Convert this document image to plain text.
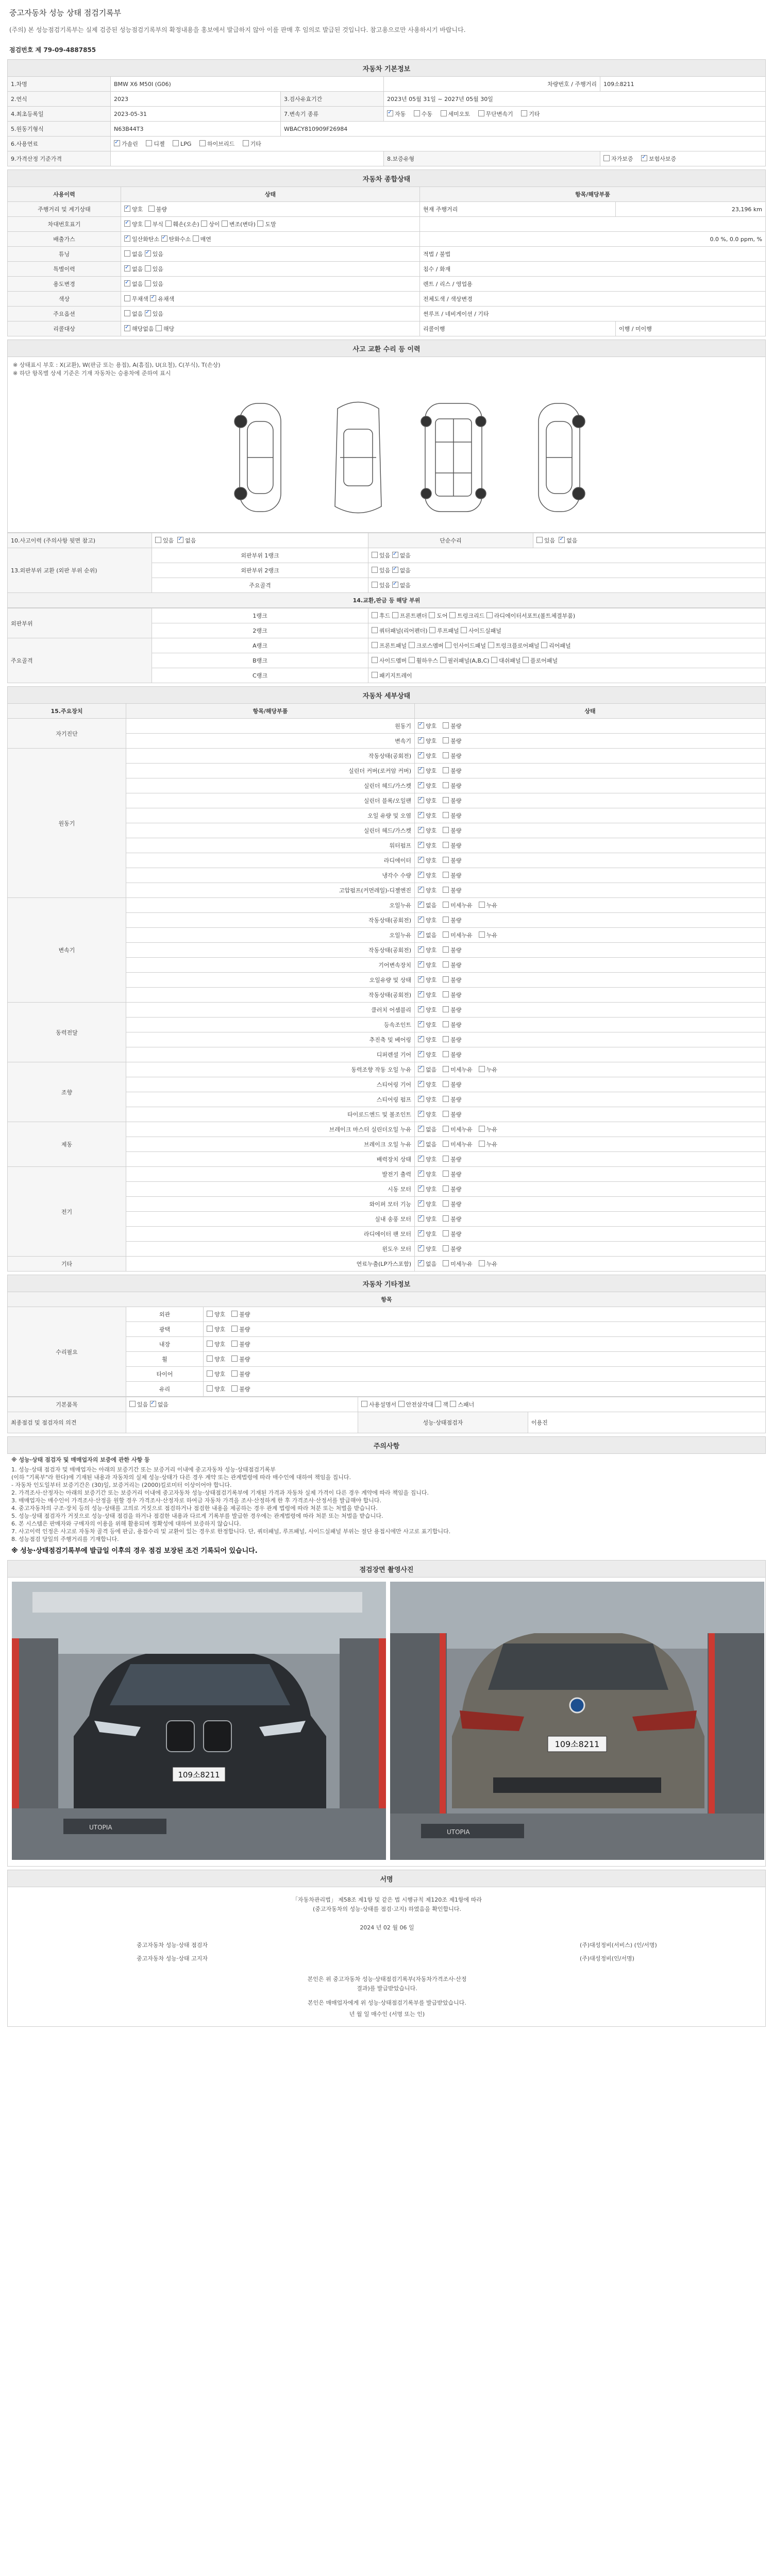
중고자동차 성능 상태 점검기록부
(주의) 본 성능점검기록부는 실제 검증된 성능점검기록부의 확정내용을 홍보에서 발급하지 않아 이를 판매 후 임의로 발급된 것입니다. 참고용으로만 사용하시기 바랍니다.
점검번호 제 79-09-4887855
자동차 기본정보				
1.차명	BMW X6 M50I (G06)		차량번호 / 주행거리	109소8211
2.연식	2023	3.검사유효기간	2023년 05월 31일 ~ 2027년 05월 30일	
4.최초등록일	2023-05-31	7.변속기 종류	✓자동 수동 세미오토 무단변속기 기타
5.원동기형식	N63B44T3	WBACY810909F26984		
6.사용연료	✓가솔린 디젤 LPG 하이브리드 기타
9.가격산정 기준가격			8.보증유형	자가보증 ✓ 보험사보증
자동차 종합상태			
사용이력	상태	항목/해당부품	
주행거리 및 계기상태	✓양호 불량	현재 주행거리	23,196 km
차대번호표기	✓양호 부식 훼손(오손) 상이 변조(변타) 도말	
배출가스	✓일산화탄소 ✓ 탄화수소 매연	0.0 %, 0.0 ppm, %	
튜닝	없음 ✓ 있음	적법 / 불법	
특별이력	✓없음 있음	침수 / 화재	
용도변경	✓없음 있음	렌트 / 리스 / 영업용	
색상	무채색 ✓ 유채색	전체도색 / 색상변경	
주요옵션	없음 ✓ 있음	썬루프 / 네비게이션 / 기타	
리콜대상	✓해당없음 해당	리콜이행	이행 / 미이행
사고 교환 수리 등 이력
※ 상태표시 부호 : X(교환), W(판금 또는 용접), A(흠집), U(요철), C(부식), T(손상)
※ 하단 항목별 상세 기준은 기재 자동차는 승용차에 준하여 표시
10.사고이력 (주의사항 뒷면 참고)	있음 ✓ 없음	단순수리	있음 ✓ 없음
13.외판부위 교환 (외판 부위 순위)	외판부위 1랭크	있음 ✓ 없음
	외판부위 2랭크	있음 ✓ 없음
	주요골격	있음 ✓ 없음
14.교환,판금 등 해당 부위			
외판부위	1랭크	후드 프론트펜더 도어 트렁크리드 라디에이터서포트(볼트체결부품)
	2랭크	쿼터패널(리어펜더) 루프패널 사이드실패널
주요골격	A랭크	프론트패널 크로스멤버 인사이드패널 트렁크플로어패널 리어패널
	B랭크	사이드멤버 휠하우스 필러패널(A,B,C) 대쉬패널 플로어패널
	C랭크	패키지트레이
자동차 세부상태		
15.주요장치	항목/해당부품	상태
자기진단	원동기	✓양호 불량
	변속기	✓양호 불량
원동기	작동상태(공회전)	✓양호 불량
	실린더 커버(로커암 커버)	✓양호 불량
	실린더 헤드/가스켓	✓양호 불량
	실린더 블록/오일팬	✓양호 불량
	오일 유량 및 오염	✓양호 불량
	실린더 헤드/가스켓	✓양호 불량
	워터펌프	✓양호 불량
	라디에이터	✓양호 불량
	냉각수 수량	✓양호 불량
	고압펌프(커먼레일)-디젤엔진	✓양호 불량
변속기	오일누유	✓없음 미세누유 누유
	작동상태(공회전)	✓양호 불량
	오일누유	✓없음 미세누유 누유
	작동상태(공회전)	✓양호 불량
	기어변속장치	✓양호 불량
	오일유량 및 상태	✓양호 불량
	작동상태(공회전)	✓양호 불량
동력전달	클러치 어셈블리	✓양호 불량
	등속조인트	✓양호 불량
	추진축 및 베어링	✓양호 불량
	디퍼렌셜 기어	✓양호 불량
조향	동력조향 작동 오일 누유	✓없음 미세누유 누유
	스티어링 기어	✓양호 불량
	스티어링 펌프	✓양호 불량
	타이로드엔드 및 볼조인트	✓양호 불량
제동	브레이크 마스터 실린더오일 누유	✓없음 미세누유 누유
	브레이크 오일 누유	✓없음 미세누유 누유
	배력장치 상태	✓양호 불량
전기	발전기 출력	✓양호 불량
	시동 모터	✓양호 불량
	와이퍼 모터 기능	✓양호 불량
	실내 송풍 모터	✓양호 불량
	라디에이터 팬 모터	✓양호 불량
	윈도우 모터	✓양호 불량
기타	연료누출(LP가스포함)	✓없음 미세누유 누유
자동차 기타정보		
항목		
수리필요	외관	양호 불량
	광택	양호 불량
	내장	양호 불량
	휠	양호 불량
	타이어	양호 불량
	유리	양호 불량
기본품목	있음 ✓ 없음	사용설명서 안전삼각대 잭 스패너	
최종점검 및 점검자의 의견		성능·상태점검자	이용진
주의사항
※ 성능·상태 점검자 및 매매업자의 보증에 관한 사항 등
1. 성능·상태 점검자 및 매매업자는 아래의 보증기간 또는 보증거리 이내에 중고자동차 성능·상태점검기록부
(이하 "기록부"라 한다)에 기재된 내용과 자동차의 실제 성능·상태가 다른 경우 계약 또는 관계법령에 따라 매수인에 대하여 책임을 집니다.
- 자동차 인도일부터 보증기간은 (30)일, 보증거리는 (2000)킬로미터 이상이어야 합니다.
2. 가격조사·산정자는 아래의 보증기간 또는 보증거리 이내에 중고자동차 성능·상태점검기록부에 기재된 가격과 자동차 실제 가격이 다른 경우 계약에 따라 책임을 집니다.
3. 매매업자는 매수인이 가격조사·산정을 원할 경우 가격조사·산정자로 하여금 자동차 가격을 조사·산정하게 한 후 가격조사·산정서를 발급해야 합니다.
4. 중고자동차의 구조·장치 등의 성능·상태를 고의로 거짓으로 점검하거나 점검한 내용을 제공하는 경우 관계 법령에 따라 처분 또는 처벌을 받습니다.
5. 성능·상태 점검자가 거짓으로 성능·상태 점검을 하거나 점검한 내용과 다르게 기록부를 발급한 경우에는 관계법령에 따라 처분 또는 처벌을 받습니다.
6. 본 시스템은 판매자와 구매자의 이용을 위해 활용되며 정확성에 대하여 보증하지 않습니다.
7. 사고이력 인정은 사고로 자동차 골격 등에 판금, 용접수리 및 교환이 있는 경우로 한정합니다. 단, 쿼터패널, 루프패널, 사이드실패널 부위는 절단 용접시에만 사고로 표기합니다.
8. 성능점검 당일의 주행거리를 기재합니다.
※ 성능·상태점검기록부에 발급일 이후의 경우 점검 보장된 조건 기록되어 있습니다.
점검장면 촬영사진
109소8211
UTOPIA
109소8211
UTOPIA
서명
「자동차관리법」 제58조 제1항 및 같은 법 시행규칙 제120조 제1항에 따라
(중고자동차의 성능·상태를 점검·고지) 하였음을 확인합니다.
2024 년 02 월 06 일
중고자동차 성능·상태 점검자	(주)대성정비(서비스) (인/서명)
중고자동차 성능·상태 고지자	(주)대성정비(인/서명)
본인은 위 중고자동차 성능·상태점검기록부(자동차가격조사·산정
결과)를 발급받았습니다.
본인은 매매업자에게 위 성능·상태점검기록부를 발급받았습니다.
년 월 일 매수인 (서명 또는 인)
